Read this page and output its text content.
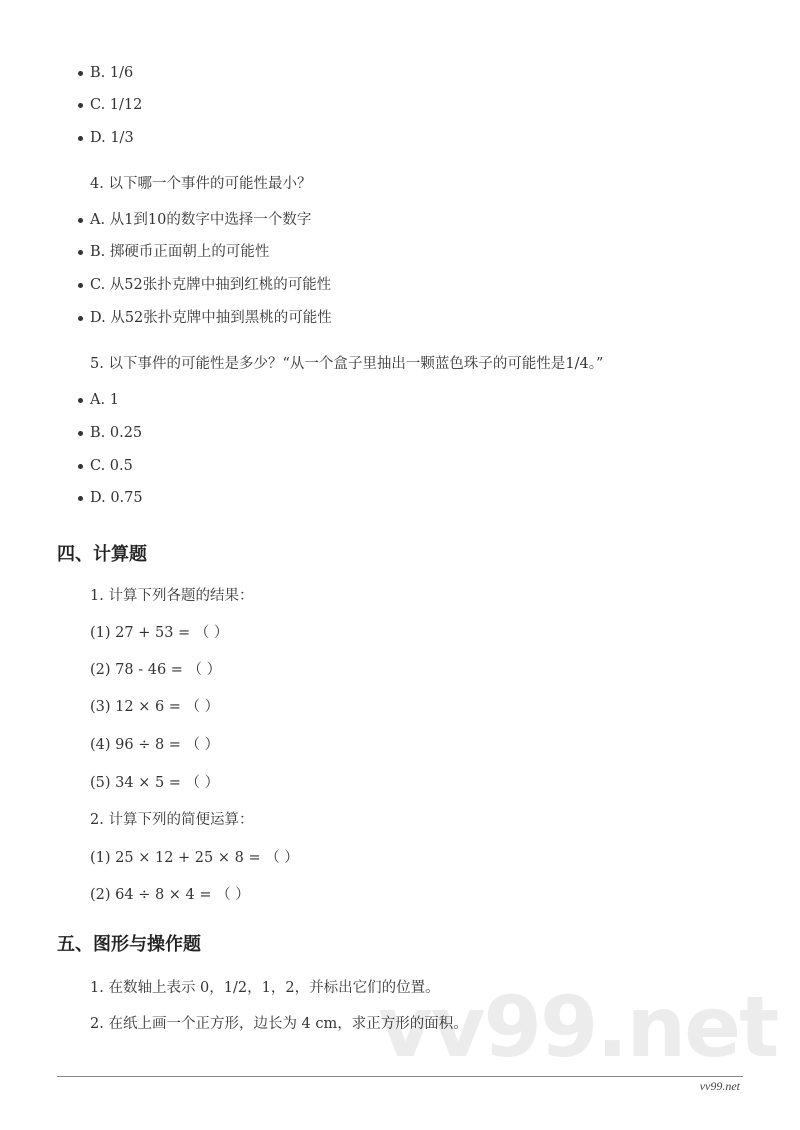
vv99.net
B. 1/6
C. 1/12
D. 1/3
4. 以下哪一个事件的可能性最小？
A. 从1到10的数字中选择一个数字
B. 掷硬币正面朝上的可能性
C. 从52张扑克牌中抽到红桃的可能性
D. 从52张扑克牌中抽到黑桃的可能性
5. 以下事件的可能性是多少？“从一个盒子里抽出一颗蓝色珠子的可能性是1/4。”
A. 1
B. 0.25
C. 0.5
D. 0.75
四、计算题
1. 计算下列各题的结果：
(1) 27 + 53 = （ ）
(2) 78 - 46 = （ ）
(3) 12 × 6 = （ ）
(4) 96 ÷ 8 = （ ）
(5) 34 × 5 = （ ）
2. 计算下列的简便运算：
(1) 25 × 12 + 25 × 8 = （ ）
(2) 64 ÷ 8 × 4 = （ ）
五、图形与操作题
1. 在数轴上表示 0，1/2，1，2，并标出它们的位置。
2. 在纸上画一个正方形，边长为 4 cm，求正方形的面积。
vv99.net
